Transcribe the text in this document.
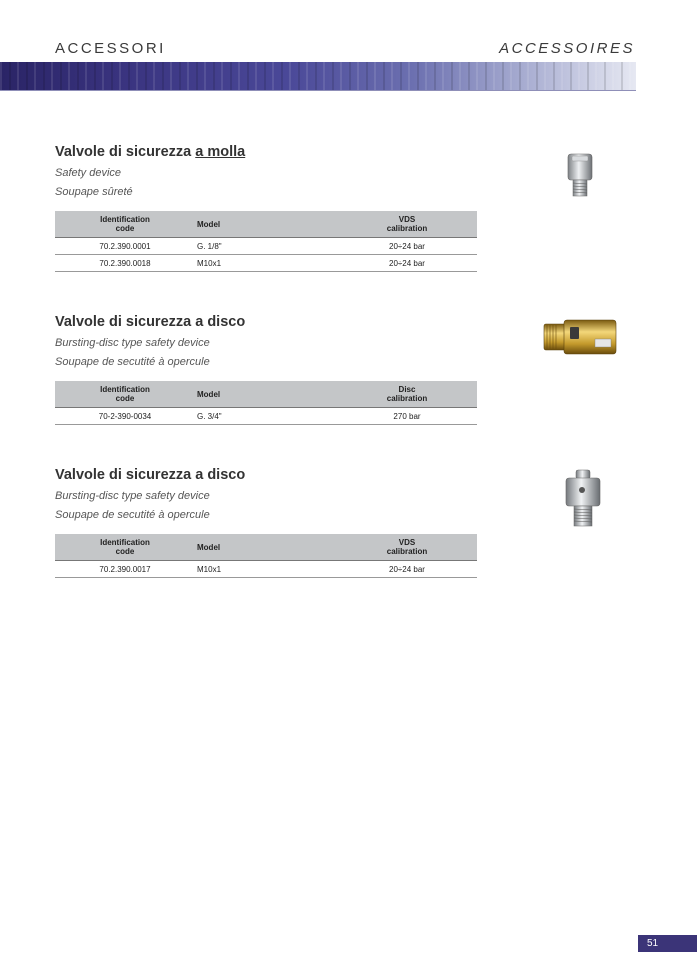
ACCESSORI	ACCESSOIRES
Valvole di sicurezza a molla
Safety device
Soupape sûreté
Identification
code	Model	VDS
calibration
70.2.390.0001	G. 1/8"	20÷24 bar
70.2.390.0018	M10x1	20÷24 bar
Valvole di sicurezza a disco
Bursting-disc type safety device
Soupape de secutité à opercule
Identification
code	Model	Disc
calibration
70-2-390-0034	G. 3/4"	270 bar
Valvole di sicurezza a disco
Bursting-disc type safety device
Soupape de secutité à opercule
Identification
code	Model	VDS
calibration
70.2.390.0017	M10x1	20÷24 bar
51
